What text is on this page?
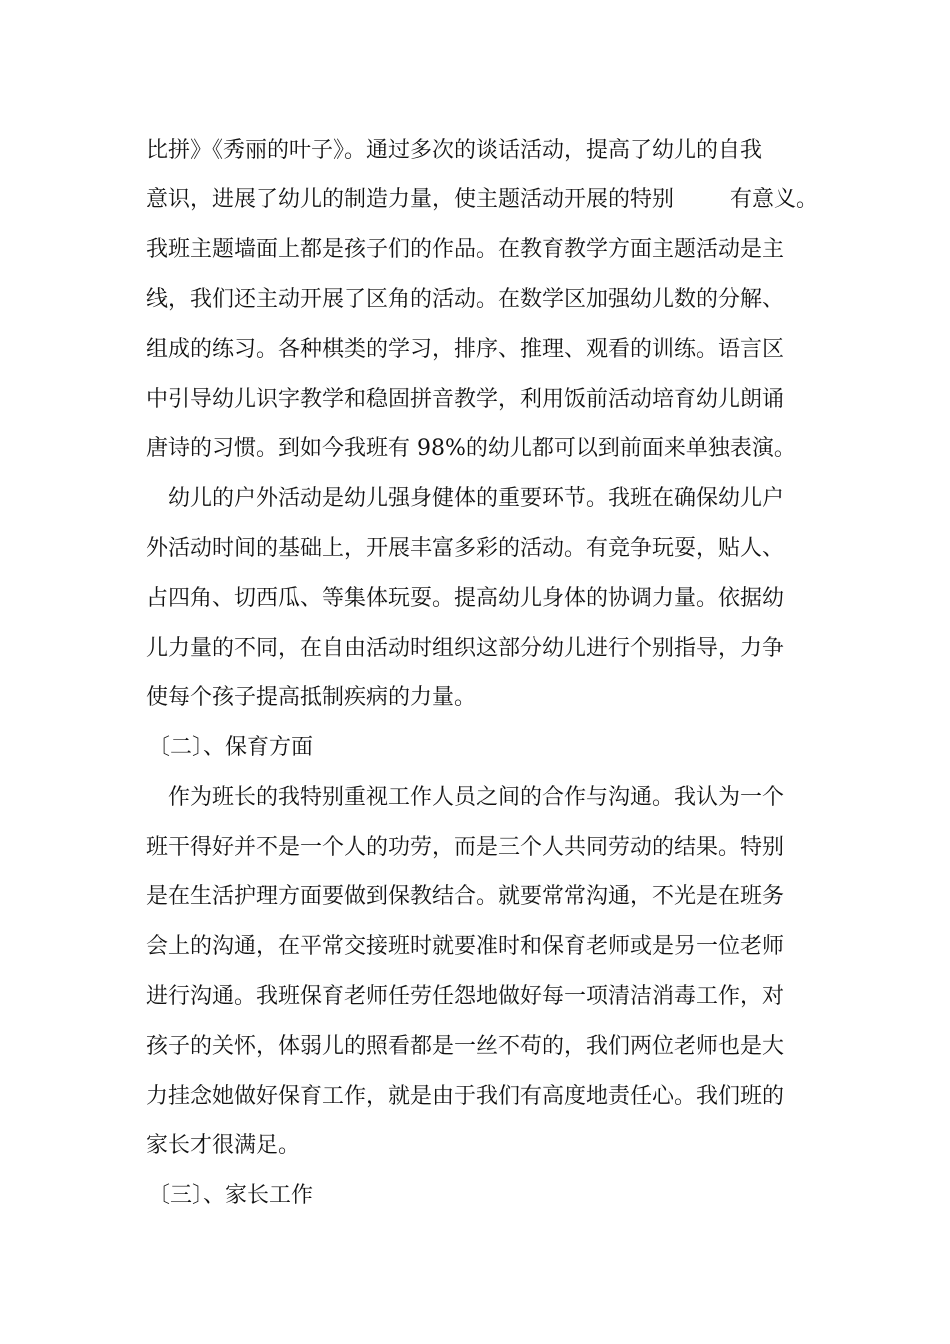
比拼》《秀丽的叶子》。通过多次的谈话活动，提高了幼儿的自我

意识，进展了幼儿的制造力量，使主题活动开展的特别        有意义。

我班主题墙面上都是孩子们的作品。在教育教学方面主题活动是主

线，我们还主动开展了区角的活动。在数学区加强幼儿数的分解、

组成的练习。各种棋类的学习，排序、推理、观看的训练。语言区

中引导幼儿识字教学和稳固拼音教学，利用饭前活动培育幼儿朗诵

唐诗的习惯。到如今我班有 98%的幼儿都可以到前面来单独表演。

幼儿的户外活动是幼儿强身健体的重要环节。我班在确保幼儿户

外活动时间的基础上，开展丰富多彩的活动。有竞争玩耍，贴人、

占四角、切西瓜、等集体玩耍。提高幼儿身体的协调力量。依据幼

儿力量的不同，在自由活动时组织这部分幼儿进行个别指导，力争

使每个孩子提高抵制疾病的力量。

〔二〕、保育方面

作为班长的我特别重视工作人员之间的合作与沟通。我认为一个

班干得好并不是一个人的功劳，而是三个人共同劳动的结果。特别

是在生活护理方面要做到保教结合。就要常常沟通，不光是在班务

会上的沟通，在平常交接班时就要准时和保育老师或是另一位老师

进行沟通。我班保育老师任劳任怨地做好每一项清洁消毒工作，对

孩子的关怀，体弱儿的照看都是一丝不苟的，我们两位老师也是大

力挂念她做好保育工作，就是由于我们有高度地责任心。我们班的

家长才很满足。

〔三〕、家长工作
